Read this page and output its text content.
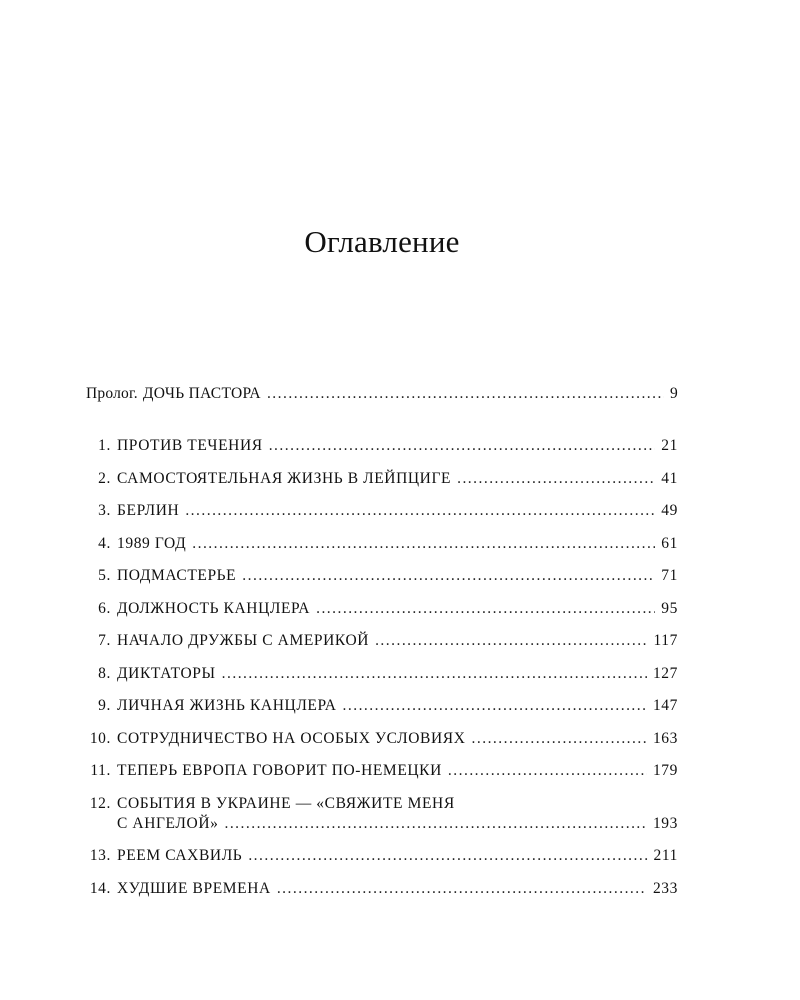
Оглавление
Пролог. ДОЧЬ ПАСТОРА . . .	9
1. ПРОТИВ ТЕЧЕНИЯ . . .	21
2. САМОСТОЯТЕЛЬНАЯ ЖИЗНЬ В ЛЕЙПЦИГЕ . . .	41
3. БЕРЛИН . . .	49
4. 1989 ГОД . . .	61
5. ПОДМАСТЕРЬЕ . . .	71
6. ДОЛЖНОСТЬ КАНЦЛЕРА . . .	95
7. НАЧАЛО ДРУЖБЫ С АМЕРИКОЙ . . .	117
8. ДИКТАТОРЫ . . .	127
9. ЛИЧНАЯ ЖИЗНЬ КАНЦЛЕРА . . .	147
10. СОТРУДНИЧЕСТВО НА ОСОБЫХ УСЛОВИЯХ . . .	163
11. ТЕПЕРЬ ЕВРОПА ГОВОРИТ ПО-НЕМЕЦКИ . . .	179
12. СОБЫТИЯ В УКРАИНЕ — «СВЯЖИТЕ МЕНЯ
С АНГЕЛОЙ» . . .	193
13. РЕЕМ САХВИЛЬ . . .	211
14. ХУДШИЕ ВРЕМЕНА . . .	233
